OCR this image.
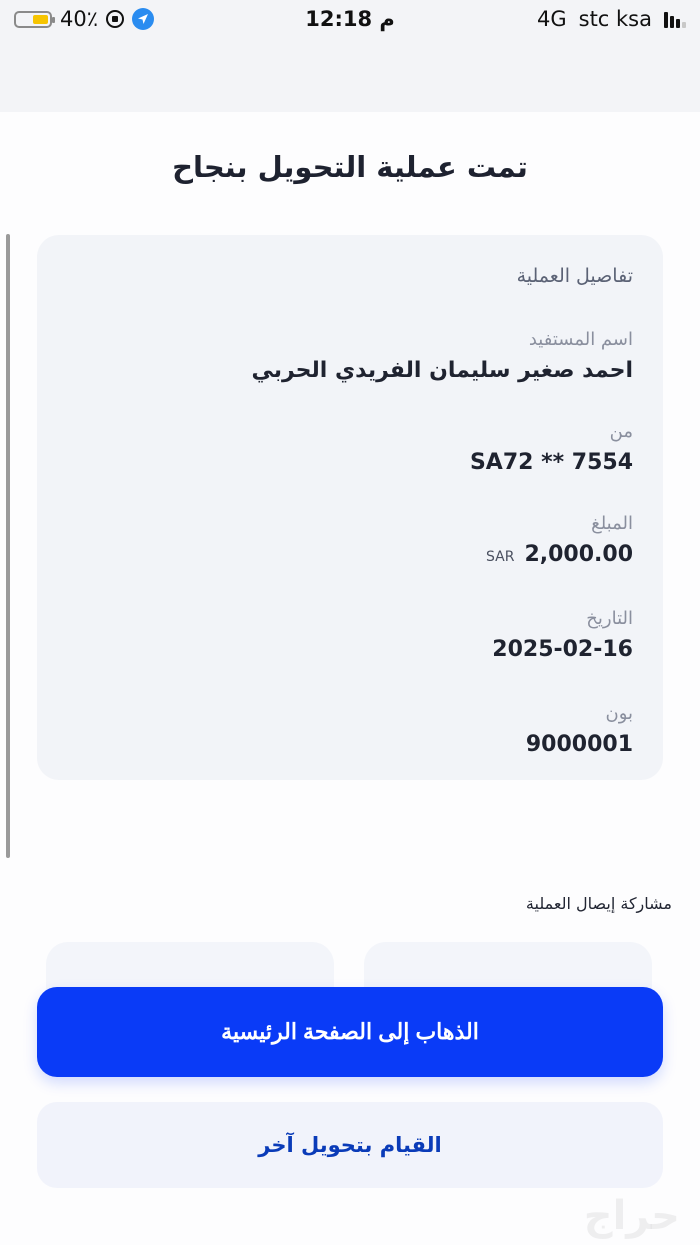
40٪	12:18 م	4G stc ksa
تمت عملية التحويل بنجاح
تفاصيل العملية
اسم المستفيد
احمد صغير سليمان الفريدي الحربي
من
SA72 ** 7554
المبلغ
SAR 2,000.00
التاريخ
2025-02-16
بون
9000001
مشاركة إيصال العملية
الذهاب إلى الصفحة الرئيسية
القيام بتحويل آخر
حراج
